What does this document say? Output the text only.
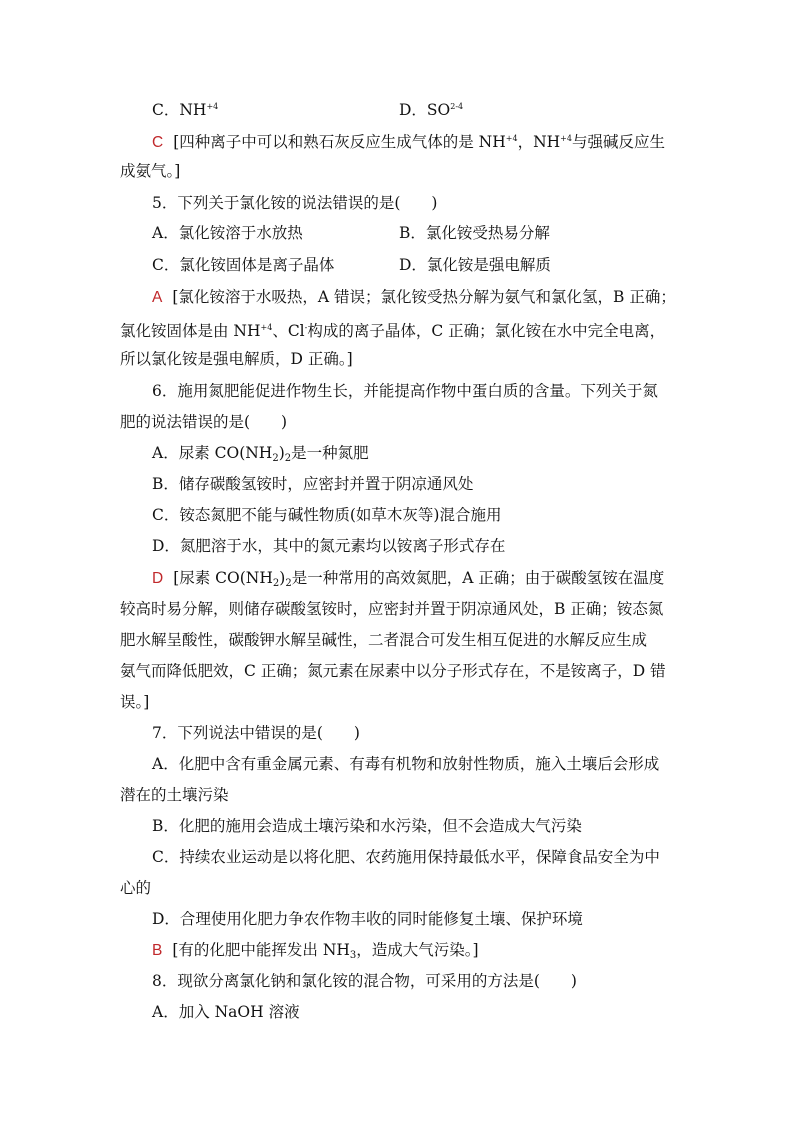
C．$NH^{+4}$	D．SO$^{2-4}$
C [四种离子中可以和熟石灰反应生成气体的是 $NH^{+4}$，$NH^{+4}$与强碱反应生
成氨气。]
5．下列关于氯化铵的说法错误的是(　　)
A．氯化铵溶于水放热	B．氯化铵受热易分解
C．氯化铵固体是离子晶体	D．氯化铵是强电解质
A [氯化铵溶于水吸热，A 错误；氯化铵受热分解为氨气和氯化氢，B 正确；
氯化铵固体是由 $NH^{+4}$、Cl-构成的离子晶体，C 正确；氯化铵在水中完全电离，
所以氯化铵是强电解质，D 正确。]
6．施用氮肥能促进作物生长，并能提高作物中蛋白质的含量。下列关于氮
肥的说法错误的是(　　)
A．尿素 $CO(NH_2)_2$是一种氮肥
B．储存碳酸氢铵时，应密封并置于阴凉通风处
C．铵态氮肥不能与碱性物质(如草木灰等)混合施用
D．氮肥溶于水，其中的氮元素均以铵离子形式存在
D [尿素 $CO(NH_2)_2$是一种常用的高效氮肥，A 正确；由于碳酸氢铵在温度
较高时易分解，则储存碳酸氢铵时，应密封并置于阴凉通风处，B 正确；铵态氮
肥水解呈酸性，碳酸钾水解呈碱性，二者混合可发生相互促进的水解反应生成
氨气而降低肥效，C 正确；氮元素在尿素中以分子形式存在，不是铵离子，D 错
误。]
7．下列说法中错误的是(　　)
A．化肥中含有重金属元素、有毒有机物和放射性物质，施入土壤后会形成
潜在的土壤污染
B．化肥的施用会造成土壤污染和水污染，但不会造成大气污染
C．持续农业运动是以将化肥、农药施用保持最低水平，保障食品安全为中
心的
D．合理使用化肥力争农作物丰收的同时能修复土壤、保护环境
B [有的化肥中能挥发出 $NH_3$，造成大气污染。]
8．现欲分离氯化钠和氯化铵的混合物，可采用的方法是(　　)
A．加入 NaOH 溶液
